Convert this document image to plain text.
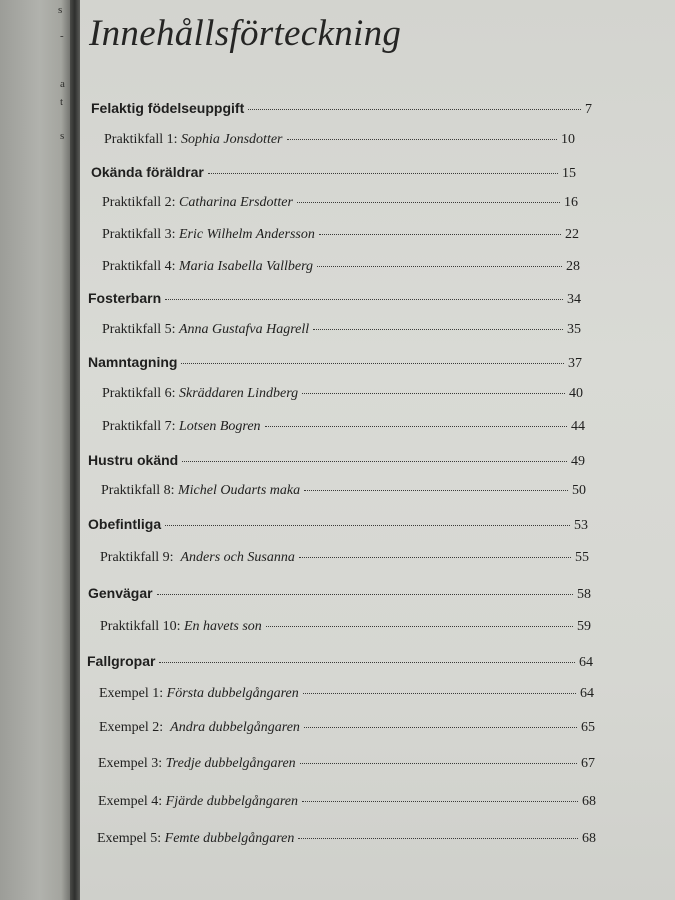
s
-
a
t
s
Innehållsförteckning
Felaktig födelseuppgift	7
Praktikfall 1: Sophia Jonsdotter	10
Okända föräldrar	15
Praktikfall 2: Catharina Ersdotter	16
Praktikfall 3: Eric Wilhelm Andersson	22
Praktikfall 4: Maria Isabella Vallberg	28
Fosterbarn	34
Praktikfall 5: Anna Gustafva Hagrell	35
Namntagning	37
Praktikfall 6: Skräddaren Lindberg	40
Praktikfall 7: Lotsen Bogren	44
Hustru okänd	49
Praktikfall 8: Michel Oudarts maka	50
Obefintliga	53
Praktikfall 9: Anders och Susanna	55
Genvägar	58
Praktikfall 10: En havets son	59
Fallgropar	64
Exempel 1: Första dubbelgångaren	64
Exempel 2: Andra dubbelgångaren	65
Exempel 3: Tredje dubbelgångaren	67
Exempel 4: Fjärde dubbelgångaren	68
Exempel 5: Femte dubbelgångaren	68
